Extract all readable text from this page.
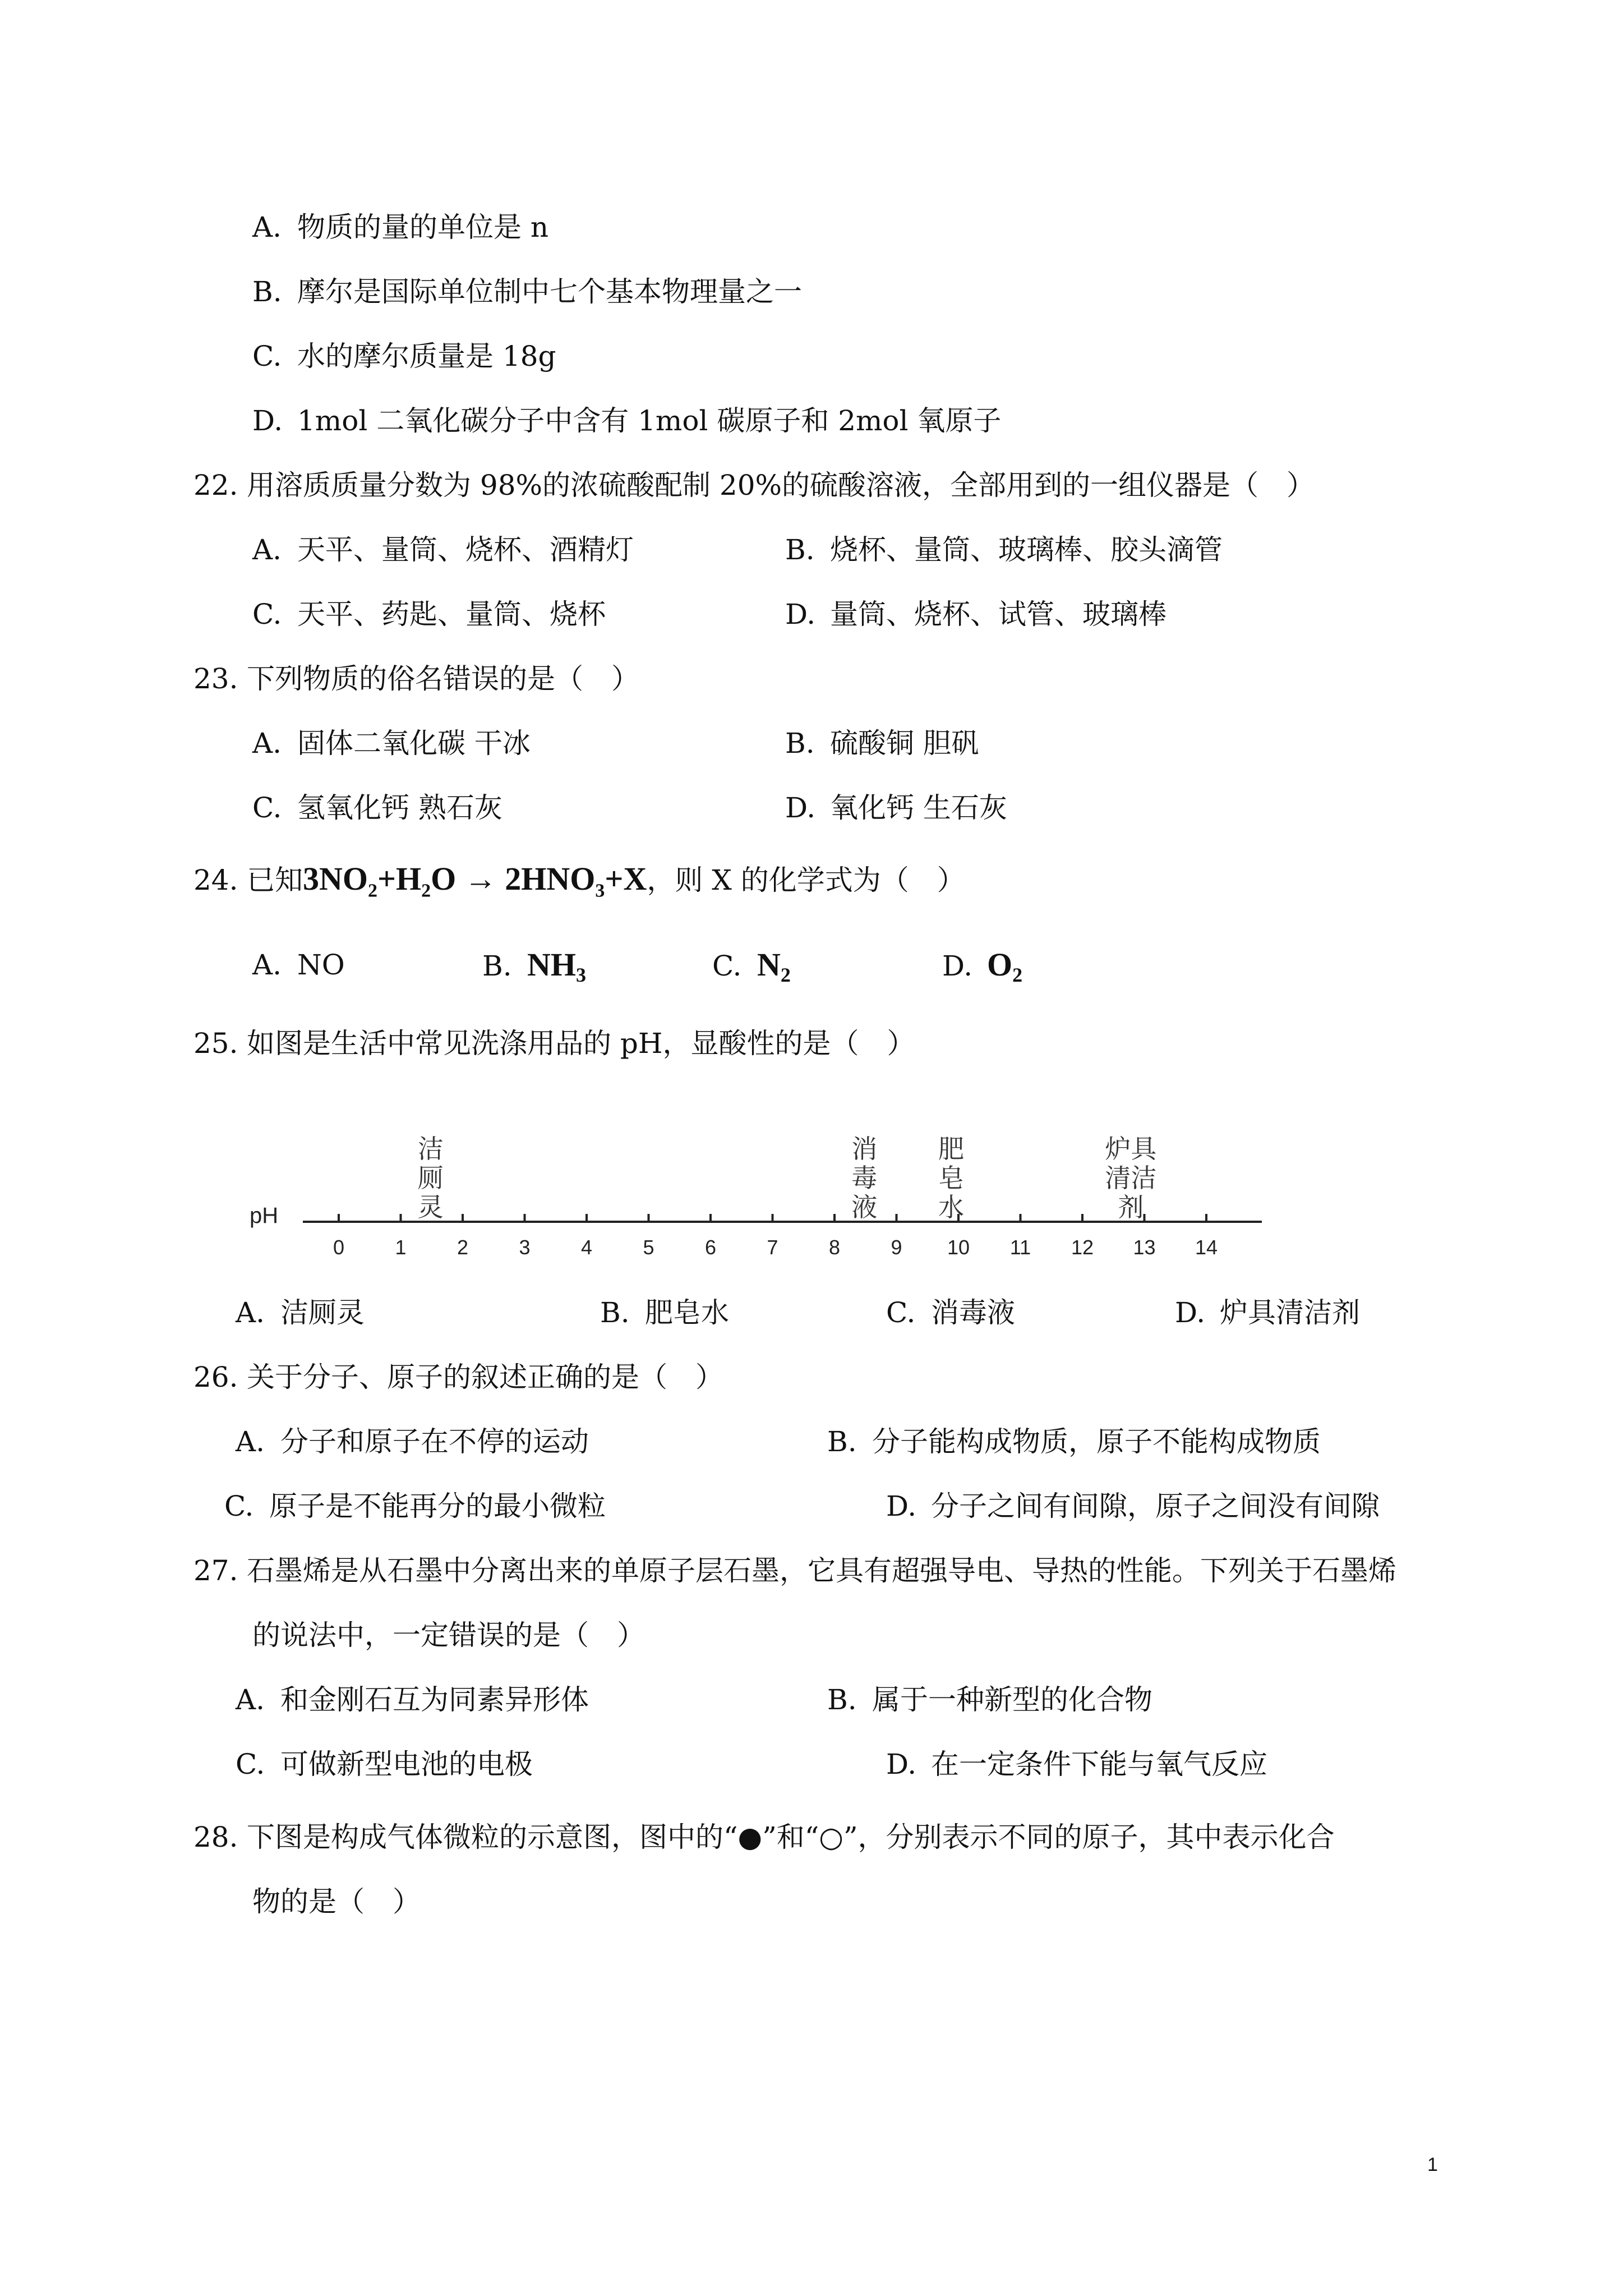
A. 物质的量的单位是 n
B. 摩尔是国际单位制中七个基本物理量之一
C. 水的摩尔质量是 18g
D. 1mol 二氧化碳分子中含有 1mol 碳原子和 2mol 氧原子
22. 用溶质质量分数为 98%的浓硫酸配制 20%的硫酸溶液，全部用到的一组仪器是（　）
A. 天平、量筒、烧杯、酒精灯	B. 烧杯、量筒、玻璃棒、胶头滴管
C. 天平、药匙、量筒、烧杯	D. 量筒、烧杯、试管、玻璃棒
23. 下列物质的俗名错误的是（　）
A. 固体二氧化碳 干冰	B. 硫酸铜 胆矾
C. 氢氧化钙 熟石灰	D. 氧化钙 生石灰
24. 已知$3NO_2+H_2O \to 2HNO_3+X$，则 X 的化学式为（　）
A. NO	B. $NH_3$	C. $N_2$	D. $O_2$
25. 如图是生活中常见洗涤用品的 pH，显酸性的是（　）
pH
0	1	2	3	4	5	6	7	8	9 10 11 12 13 14
洁
厕
灵
消
毒
液
肥
皂
水
炉具
清洁
剂
A. 洁厕灵	B. 肥皂水	C. 消毒液	D. 炉具清洁剂
26. 关于分子、原子的叙述正确的是（　）
A. 分子和原子在不停的运动	B. 分子能构成物质，原子不能构成物质
C. 原子是不能再分的最小微粒	D. 分子之间有间隙，原子之间没有间隙
27. 石墨烯是从石墨中分离出来的单原子层石墨，它具有超强导电、导热的性能。下列关于石墨烯
的说法中，一定错误的是（　）
A. 和金刚石互为同素异形体	B. 属于一种新型的化合物
C. 可做新型电池的电极	D. 在一定条件下能与氧气反应
28. 下图是构成气体微粒的示意图，图中的“●”和“○”，分别表示不同的原子，其中表示化合
物的是（　）
1
